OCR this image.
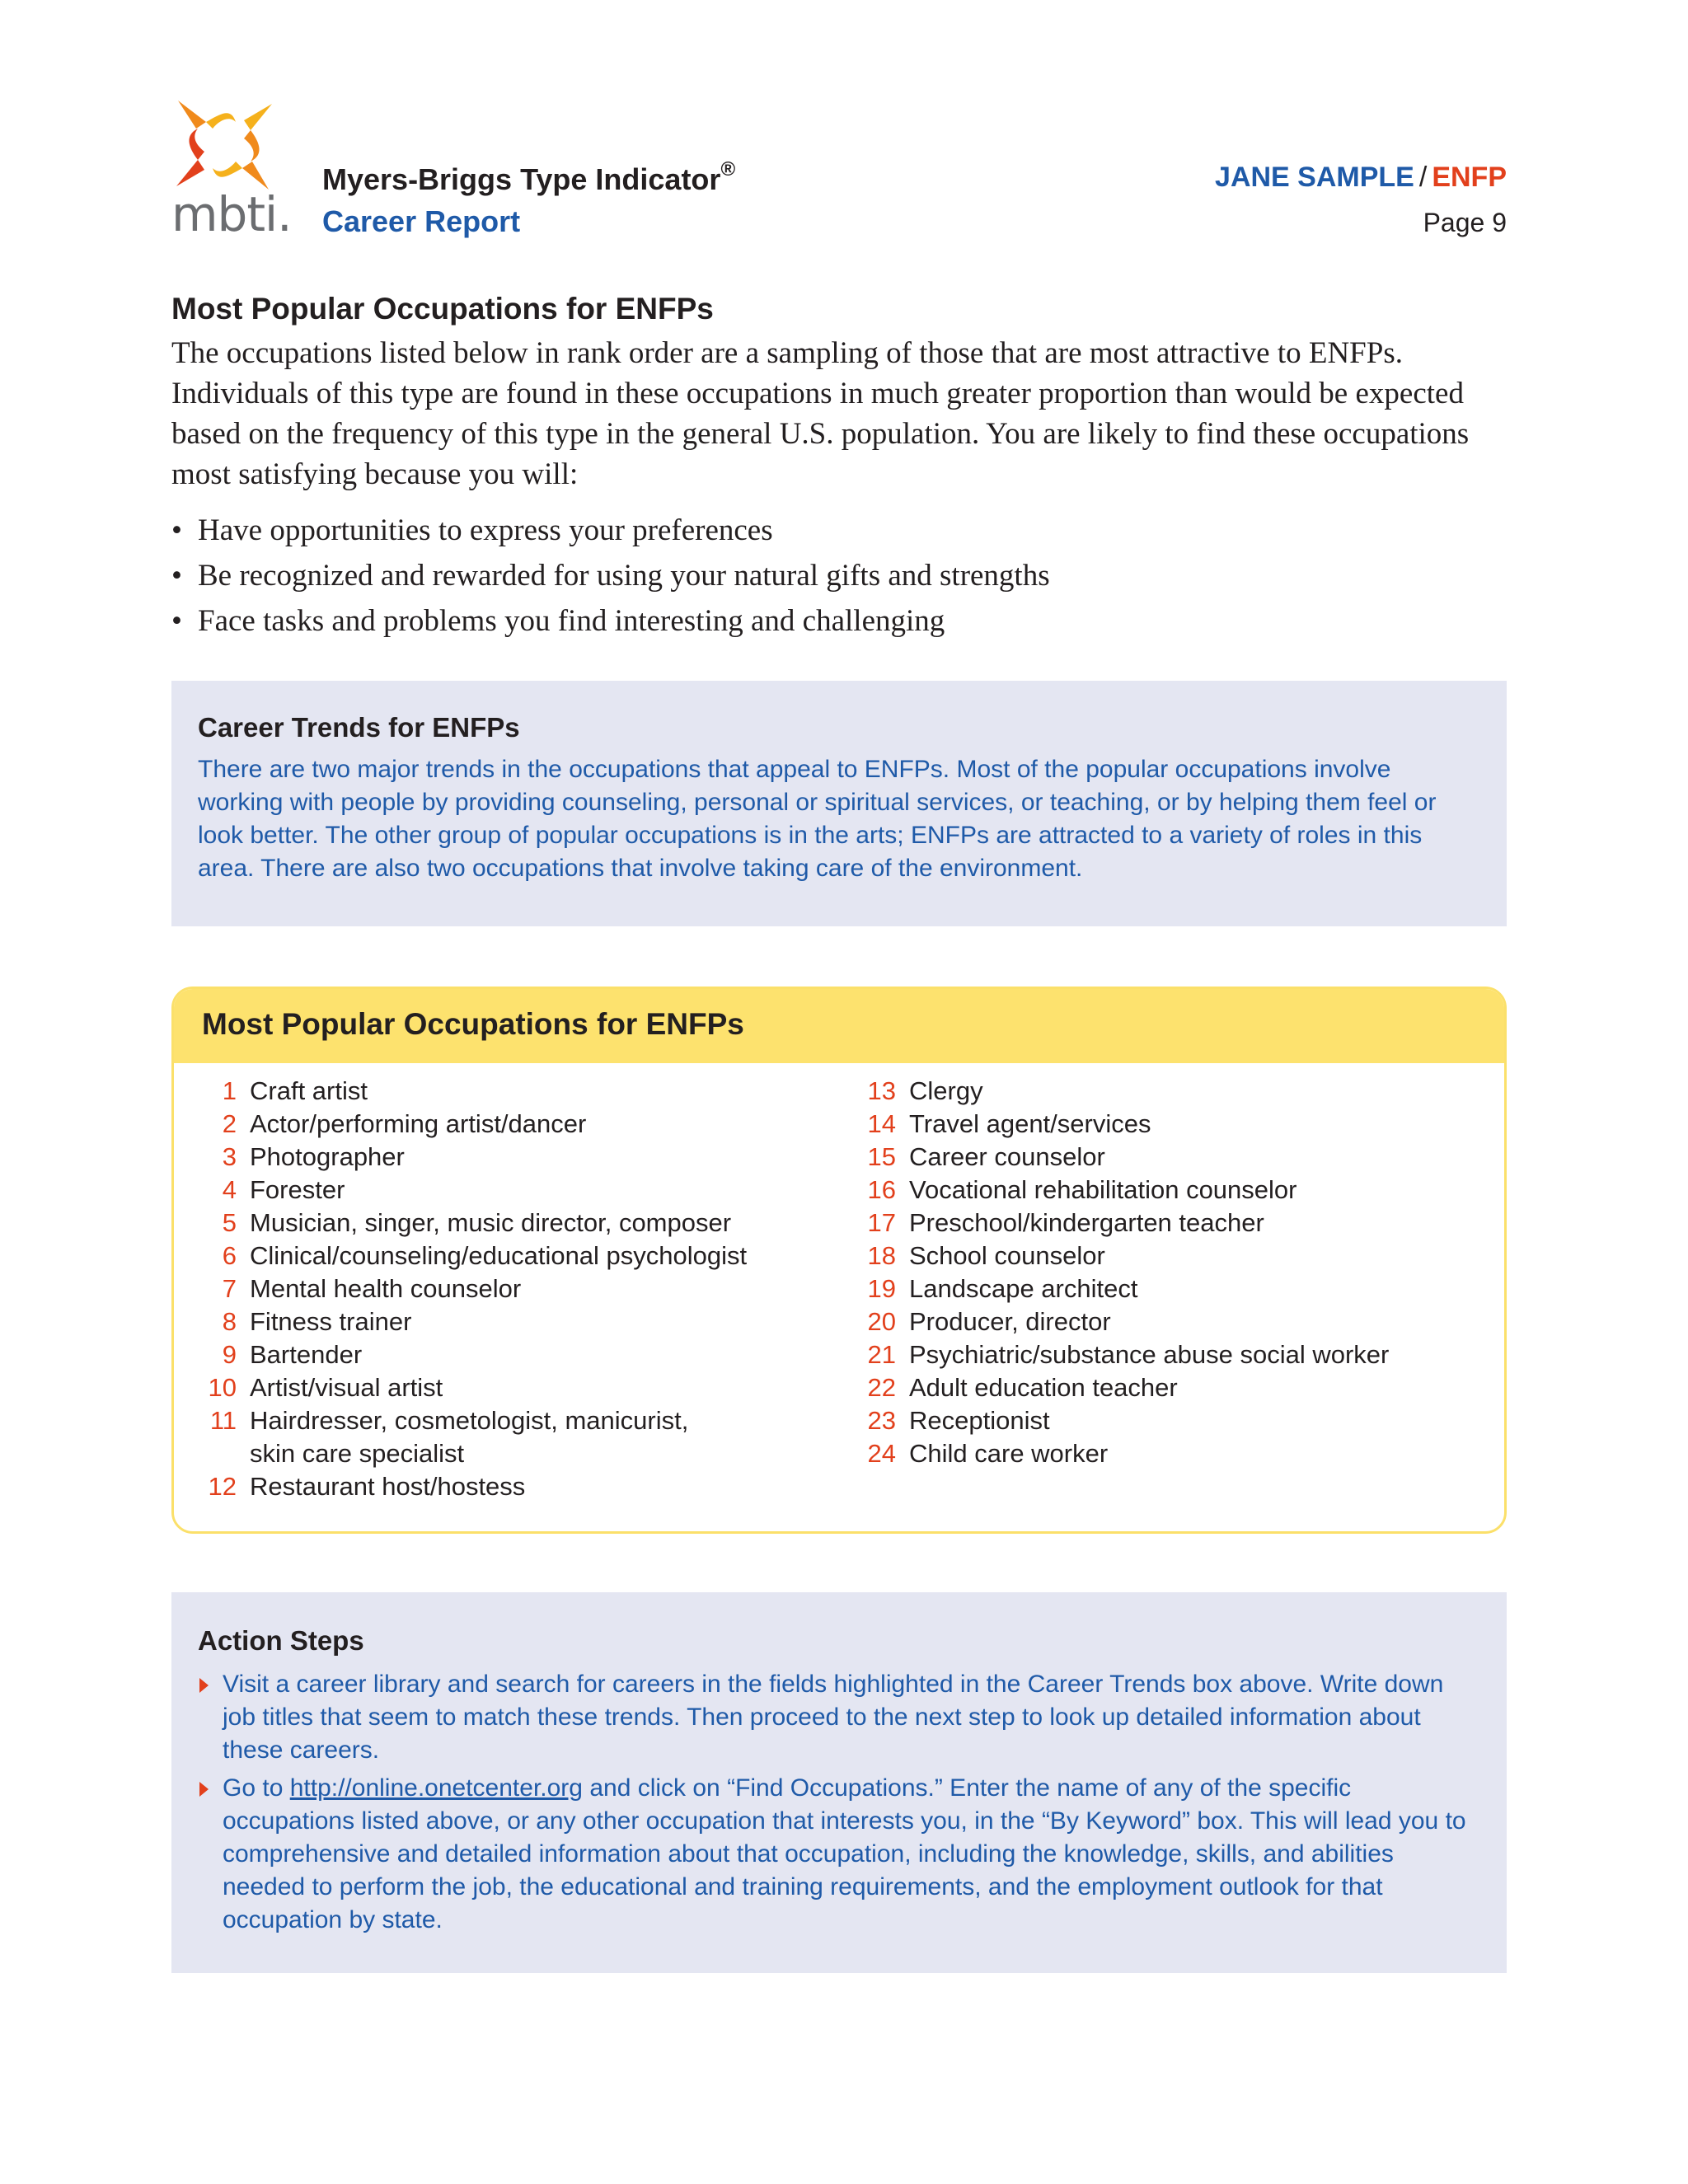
mbti.
Myers-Briggs Type Indicator®
Career Report
JANE SAMPLE / ENFP
Page 9
Most Popular Occupations for ENFPs

The occupations listed below in rank order are a sampling of those that are most attractive to ENFPs. Individuals of this type are found in these occupations in much greater proportion than would be expected based on the frequency of this type in the general U.S. population. You are likely to find these occupations most satisfying because you will:

• Have opportunities to express your preferences
• Be recognized and rewarded for using your natural gifts and strengths
• Face tasks and problems you find interesting and challenging
Career Trends for ENFPs

There are two major trends in the occupations that appeal to ENFPs. Most of the popular occupations involve working with people by providing counseling, personal or spiritual services, or teaching, or by helping them feel or look better. The other group of popular occupations is in the arts; ENFPs are attracted to a variety of roles in this area. There are also two occupations that involve taking care of the environment.

Most Popular Occupations for ENFPs
1 Craft artist
2 Actor/performing artist/dancer
3 Photographer
4 Forester
5 Musician, singer, music director, composer
6 Clinical/counseling/educational psychologist
7 Mental health counselor
8 Fitness trainer
9 Bartender
10 Artist/visual artist
11 Hairdresser, cosmetologist, manicurist,
skin care specialist
12 Restaurant host/hostess
13 Clergy
14 Travel agent/services
15 Career counselor
16 Vocational rehabilitation counselor
17 Preschool/kindergarten teacher
18 School counselor
19 Landscape architect
20 Producer, director
21 Psychiatric/substance abuse social worker
22 Adult education teacher
23 Receptionist
24 Child care worker
Action Steps
Visit a career library and search for careers in the fields highlighted in the Career Trends box above. Write down job titles that seem to match these trends. Then proceed to the next step to look up detailed information about these careers.
Go to http://online.onetcenter.org and click on “Find Occupations.” Enter the name of any of the specific occupations listed above, or any other occupation that interests you, in the “By Keyword” box. This will lead you to comprehensive and detailed information about that occupation, including the knowledge, skills, and abilities needed to perform the job, the educational and training requirements, and the employment outlook for that occupation by state.
